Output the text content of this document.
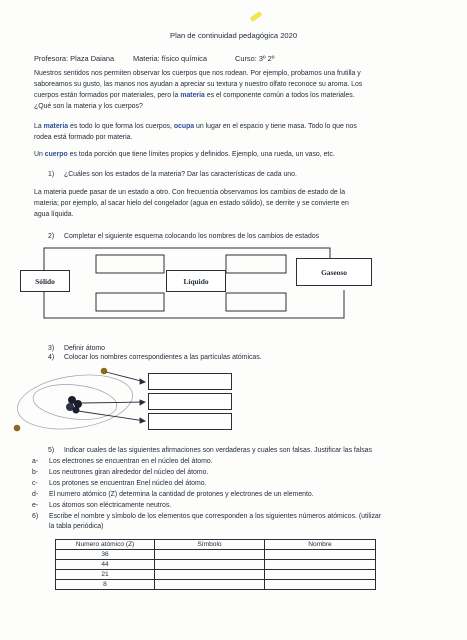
Plan de continuidad pedagógica 2020
Profesora: Plaza Daiana	Materia: físico química	Curso: 3º 2º
Nuestros sentidos nos permiten observar los cuerpos que nos rodean. Por ejemplo, probamos una frutilla y
saboreamos su gusto, las manos nos ayudan a apreciar su textura y nuestro olfato reconoce su aroma. Los
cuerpos están formados por materiales, pero la materia es el componente común a todos los materiales.
¿Qué son la materia y los cuerpos?
La materia es todo lo que forma los cuerpos, ocupa un lugar en el espacio y tiene masa. Todo lo que nos
rodea está formado por materia.
Un cuerpo es toda porción que tiene límites propios y definidos. Ejemplo, una rueda, un vaso, etc.
1) ¿Cuáles son los estados de la materia? Dar las características de cada uno.
La materia puede pasar de un estado a otro. Con frecuencia observamos los cambios de estado de la
materia; por ejemplo, al sacar hielo del congelador (agua en estado sólido), se derrite y se convierte en
agua líquida.
2) Completar el siguiente esquema colocando los nombres de los cambios de estados
Sólido	Líquido
Gaseoso
3) Definir átomo
4) Colocar los nombres correspondientes a las partículas atómicas.
5) Indicar cuales de las siguientes afirmaciones son verdaderas y cuales son falsas. Justificar las falsas
a- Los electrones se encuentran en el núcleo del átomo.
b- Los neutrones giran alrededor del núcleo del átomo.
c- Los protones se encuentran Enel núcleo del átomo.
d- El numero atómico (Z) determina la cantidad de protones y electrones de un elemento.
e- Los átomos son eléctricamente neutros.
6) Escribe el nombre y símbolo de los elementos que corresponden a los siguientes números atómicos. (utilizar
la tabla periódica)
Numero atómico (Z)	Símbolo	Nombre
36		
44		
21		
8		
